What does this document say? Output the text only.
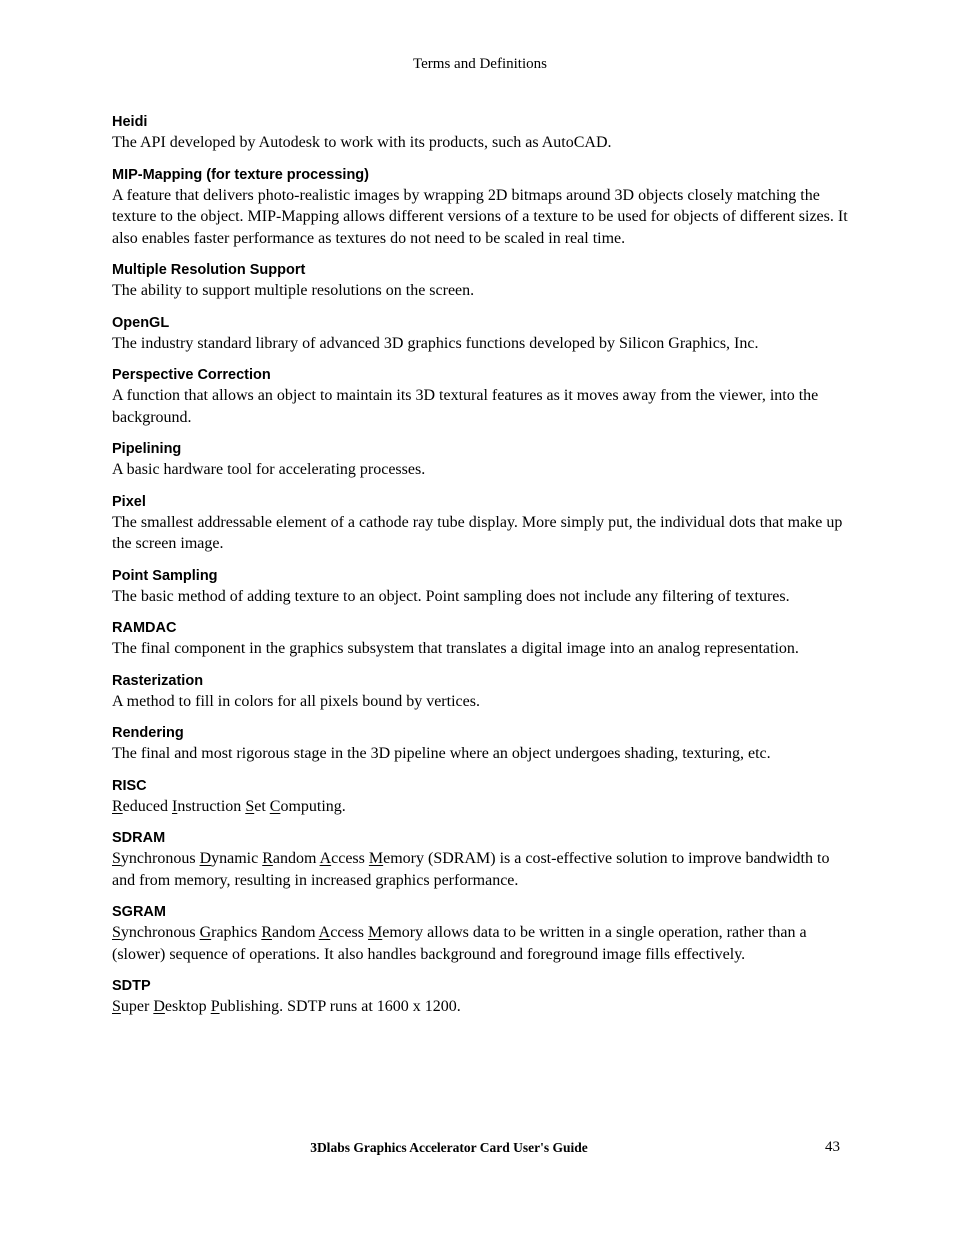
Terms and Definitions

Heidi

The API developed by Autodesk to work with its products, such as AutoCAD.

MIP-Mapping (for texture processing)

A feature that delivers photo-realistic images by wrapping 2D bitmaps around 3D objects closely matching the texture to the object. MIP-Mapping allows different versions of a texture to be used for objects of different sizes. It also enables faster performance as textures do not need to be scaled in real time.

Multiple Resolution Support

The ability to support multiple resolutions on the screen.

OpenGL

The industry standard library of advanced 3D graphics functions developed by Silicon Graphics, Inc.

Perspective Correction

A function that allows an object to maintain its 3D textural features as it moves away from the viewer, into the background.

Pipelining

A basic hardware tool for accelerating processes.

Pixel

The smallest addressable element of a cathode ray tube display. More simply put, the individual dots that make up the screen image.

Point Sampling

The basic method of adding texture to an object. Point sampling does not include any filtering of textures.

RAMDAC

The final component in the graphics subsystem that translates a digital image into an analog representation.

Rasterization

A method to fill in colors for all pixels bound by vertices.

Rendering

The final and most rigorous stage in the 3D pipeline where an object undergoes shading, texturing, etc.

RISC

Reduced Instruction Set Computing.

SDRAM

Synchronous Dynamic Random Access Memory (SDRAM) is a cost-effective solution to improve bandwidth to and from memory, resulting in increased graphics performance.

SGRAM

Synchronous Graphics Random Access Memory allows data to be written in a single operation, rather than a (slower) sequence of operations. It also handles background and foreground image fills effectively.

SDTP

Super Desktop Publishing. SDTP runs at 1600 x 1200.

3Dlabs Graphics Accelerator Card User's Guide	43
